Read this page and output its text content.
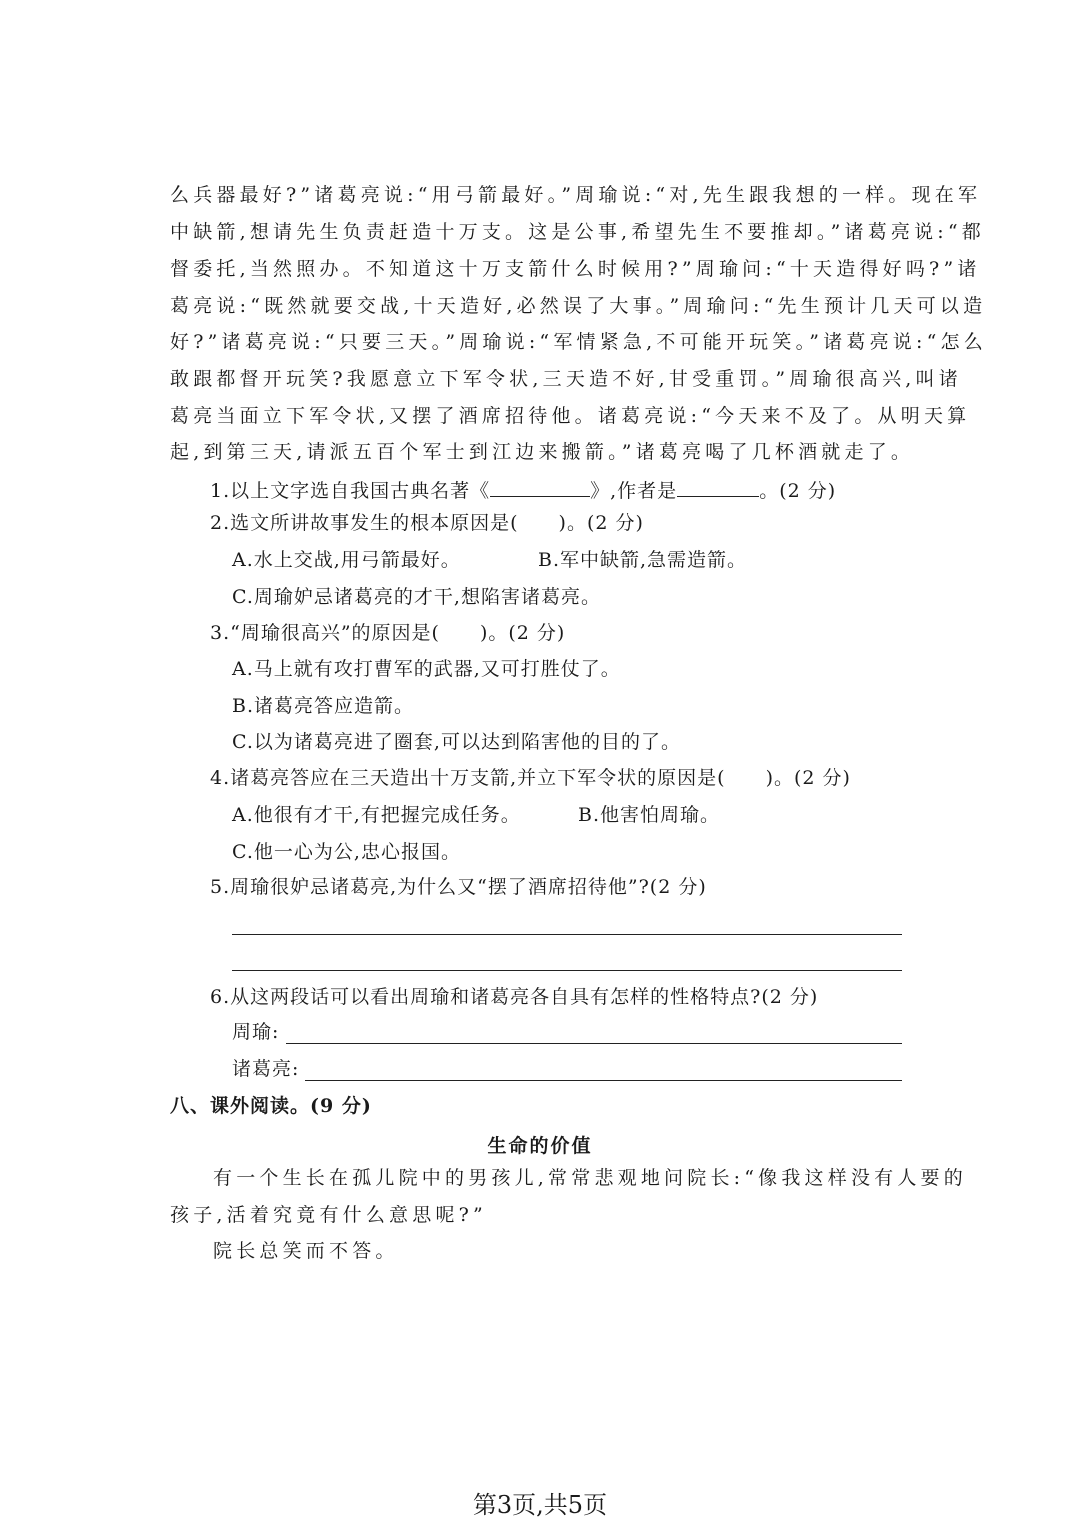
么兵器最好?”诸葛亮说:“用弓箭最好。”周瑜说:“对,先生跟我想的一样。现在军
中缺箭,想请先生负责赶造十万支。这是公事,希望先生不要推却。”诸葛亮说:“都
督委托,当然照办。不知道这十万支箭什么时候用?”周瑜问:“十天造得好吗?”诸
葛亮说:“既然就要交战,十天造好,必然误了大事。”周瑜问:“先生预计几天可以造
好?”诸葛亮说:“只要三天。”周瑜说:“军情紧急,不可能开玩笑。”诸葛亮说:“怎么
敢跟都督开玩笑?我愿意立下军令状,三天造不好,甘受重罚。”周瑜很高兴,叫诸
葛亮当面立下军令状,又摆了酒席招待他。诸葛亮说:“今天来不及了。从明天算
起,到第三天,请派五百个军士到江边来搬箭。”诸葛亮喝了几杯酒就走了。
1.以上文字选自我国古典名著《	》,作者是	。(2 分)
2.选文所讲故事发生的根本原因是(　　)。(2 分)
A.水上交战,用弓箭最好。	B.军中缺箭,急需造箭。
C.周瑜妒忌诸葛亮的才干,想陷害诸葛亮。
3.“周瑜很高兴”的原因是(　　)。(2 分)
A.马上就有攻打曹军的武器,又可打胜仗了。
B.诸葛亮答应造箭。
C.以为诸葛亮进了圈套,可以达到陷害他的目的了。
4.诸葛亮答应在三天造出十万支箭,并立下军令状的原因是(　　)。(2 分)
A.他很有才干,有把握完成任务。	B.他害怕周瑜。
C.他一心为公,忠心报国。
5.周瑜很妒忌诸葛亮,为什么又“摆了酒席招待他”?(2 分)
6.从这两段话可以看出周瑜和诸葛亮各自具有怎样的性格特点?(2 分)
周瑜:
诸葛亮:
八、课外阅读。(9 分)
生命的价值
有一个生长在孤儿院中的男孩儿,常常悲观地问院长:“像我这样没有人要的
孩子,活着究竟有什么意思呢?”
院长总笑而不答。
第3页,共5页
